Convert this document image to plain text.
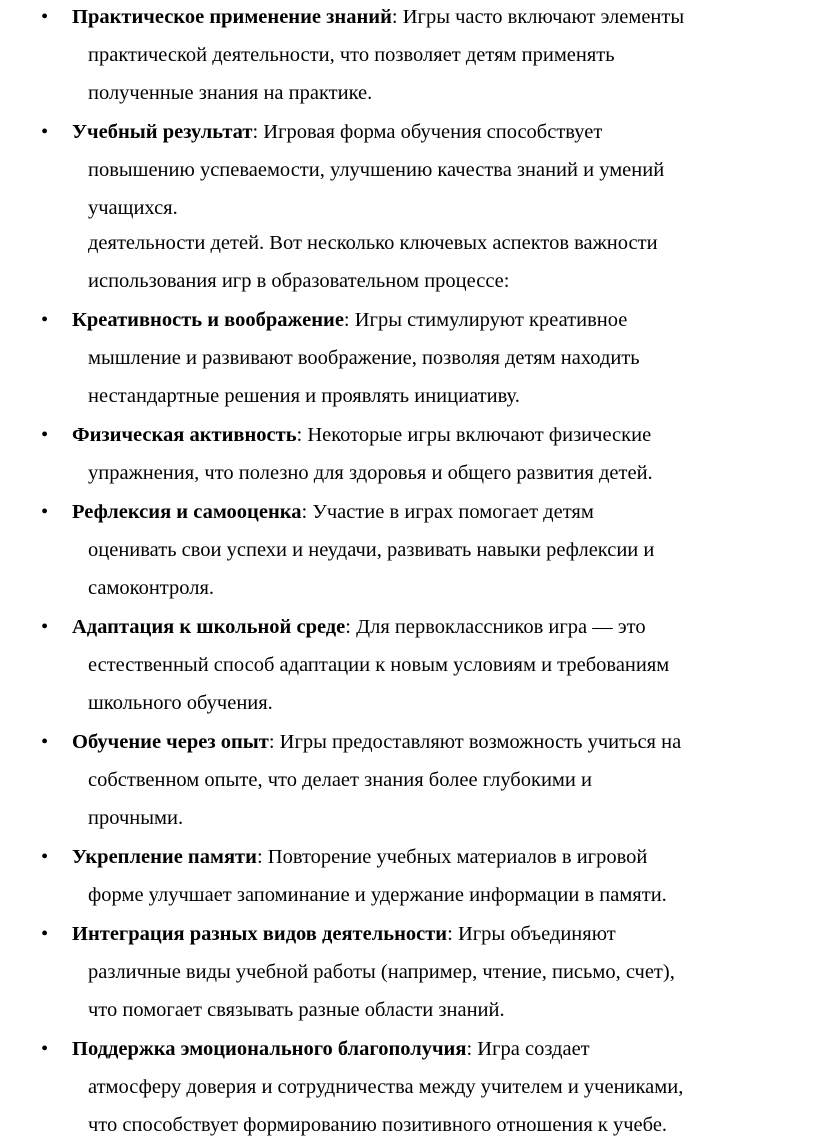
• Практическое применение знаний: Игры часто включают элементы
практической деятельности, что позволяет детям применять
полученные знания на практике.
• Учебный результат: Игровая форма обучения способствует
повышению успеваемости, улучшению качества знаний и умений
учащихся.
деятельности детей. Вот несколько ключевых аспектов важности
использования игр в образовательном процессе:
• Креативность и воображение: Игры стимулируют креативное
мышление и развивают воображение, позволяя детям находить
нестандартные решения и проявлять инициативу.
• Физическая активность: Некоторые игры включают физические
упражнения, что полезно для здоровья и общего развития детей.
• Рефлексия и самооценка: Участие в играх помогает детям
оценивать свои успехи и неудачи, развивать навыки рефлексии и
самоконтроля.
• Адаптация к школьной среде: Для первоклассников игра — это
естественный способ адаптации к новым условиям и требованиям
школьного обучения.
• Обучение через опыт: Игры предоставляют возможность учиться на
собственном опыте, что делает знания более глубокими и
прочными.
• Укрепление памяти: Повторение учебных материалов в игровой
форме улучшает запоминание и удержание информации в памяти.
• Интеграция разных видов деятельности: Игры объединяют
различные виды учебной работы (например, чтение, письмо, счет),
что помогает связывать разные области знаний.
• Поддержка эмоционального благополучия: Игра создает
атмосферу доверия и сотрудничества между учителем и учениками,
что способствует формированию позитивного отношения к учебе.
